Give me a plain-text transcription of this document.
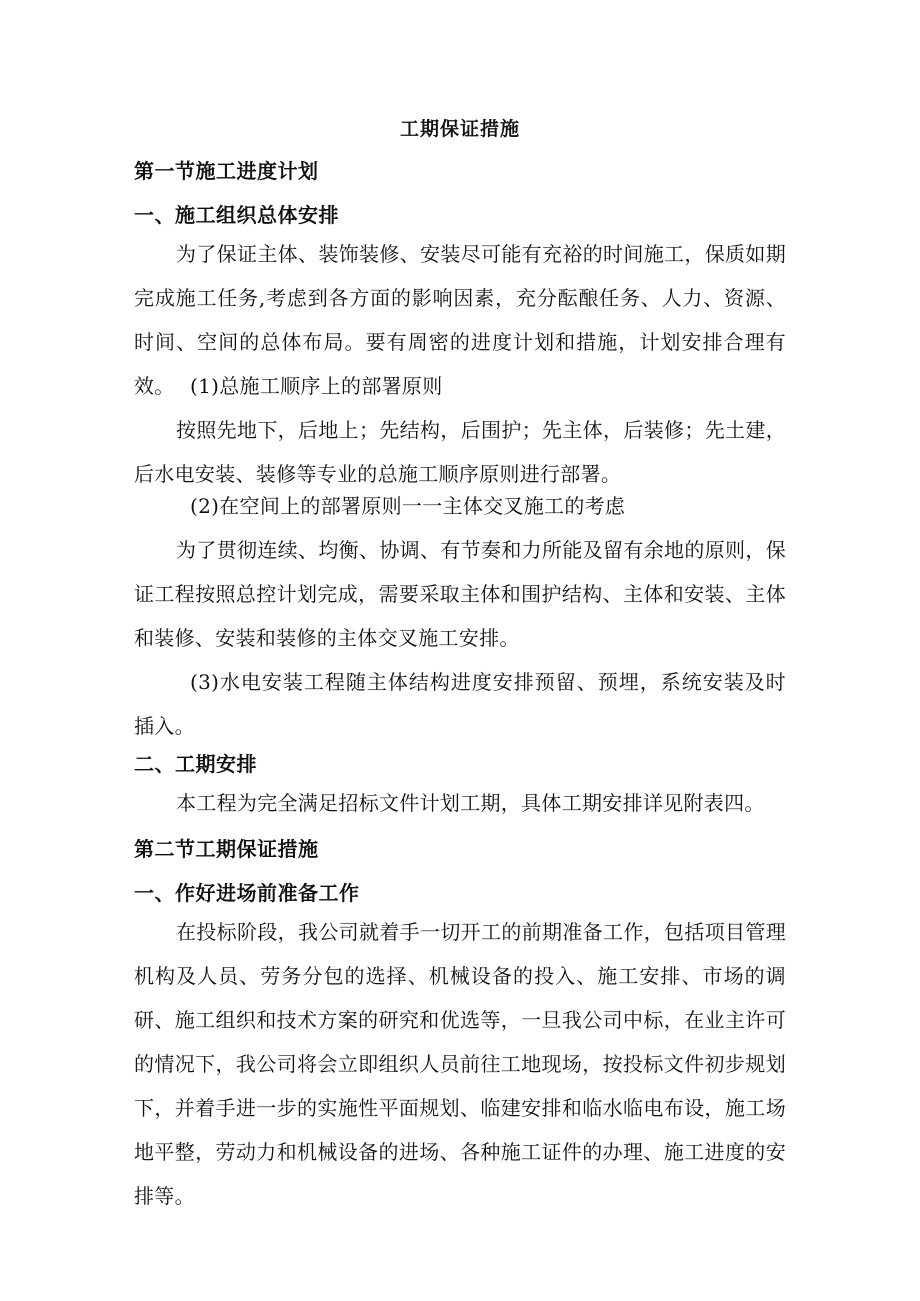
工期保证措施
第一节施工进度计划
一、施工组织总体安排
为了保证主体、装饰装修、安装尽可能有充裕的时间施工，保质如期完成施工任务,考虑到各方面的影响因素，充分酝酿任务、人力、资源、时间、空间的总体布局。要有周密的进度计划和措施，计划安排合理有效。 (1)总施工顺序上的部署原则
按照先地下，后地上；先结构，后围护；先主体，后装修；先土建，后水电安装、装修等专业的总施工顺序原则进行部署。
(2)在空间上的部署原则一一主体交叉施工的考虑
为了贯彻连续、均衡、协调、有节奏和力所能及留有余地的原则，保证工程按照总控计划完成，需要采取主体和围护结构、主体和安装、主体和装修、安装和装修的主体交叉施工安排。
(3)水电安装工程随主体结构进度安排预留、预埋，系统安装及时插入。
二、工期安排
本工程为完全满足招标文件计划工期，具体工期安排详见附表四。
第二节工期保证措施
一、作好进场前准备工作
在投标阶段，我公司就着手一切开工的前期准备工作，包括项目管理机构及人员、劳务分包的选择、机械设备的投入、施工安排、市场的调研、施工组织和技术方案的研究和优选等，一旦我公司中标，在业主许可的情况下，我公司将会立即组织人员前往工地现场，按投标文件初步规划下，并着手进一步的实施性平面规划、临建安排和临水临电布设，施工场地平整，劳动力和机械设备的进场、各种施工证件的办理、施工进度的安排等。
